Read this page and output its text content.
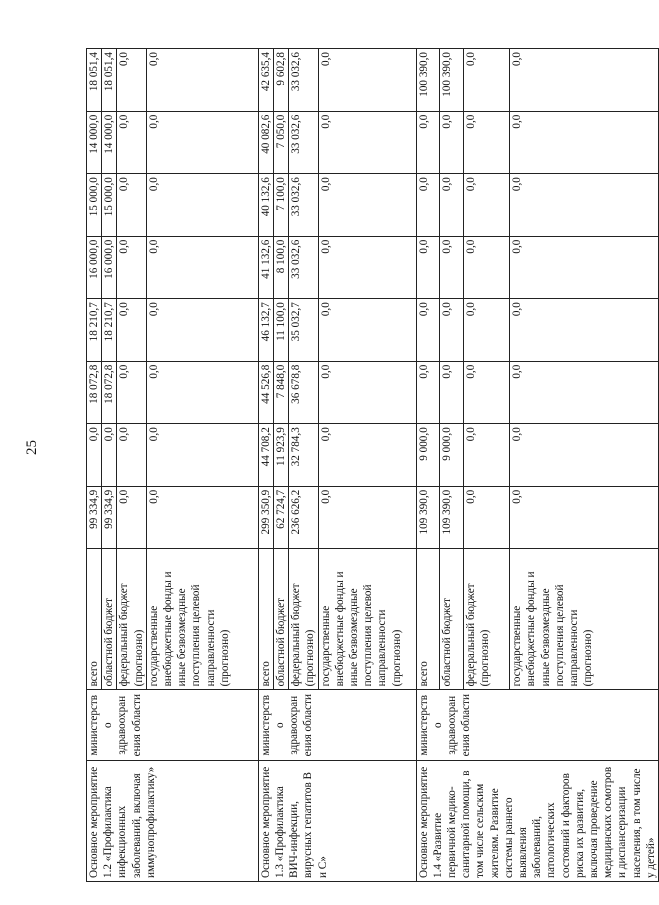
25
Основное мероприятие 1.2 «Профилактика инфекционных заболеваний, включая иммунопрофилактику»	министерство здравоохранения области	всего	99 334,9	0,0	18 072,8	18 210,7	16 000,0	15 000,0	14 000,0	18 051,4
		областной бюджет	99 334,9	0,0	18 072,8	18 210,7	16 000,0	15 000,0	14 000,0	18 051,4
		федеральный бюджет (прогнозно)	0,0	0,0	0,0	0,0	0,0	0,0	0,0	0,0
		государственные внебюджетные фонды и иные безвозмездные поступления целевой направленности (прогнозно)	0,0	0,0	0,0	0,0	0,0	0,0	0,0	0,0
Основное мероприятие 1.3 «Профилактика ВИЧ-инфекции, вирусных гепатитов В и С»	министерство здравоохранения области	всего	299 350,9	44 708,2	44 526,8	46 132,7	41 132,6	40 132,6	40 082,6	42 635,4
		областной бюджет	62 724,7	11 923,9	7 848,0	11 100,0	8 100,0	7 100,0	7 050,0	9 602,8
		федеральный бюджет (прогнозно)	236 626,2	32 784,3	36 678,8	35 032,7	33 032,6	33 032,6	33 032,6	33 032,6
		государственные внебюджетные фонды и иные безвозмездные поступления целевой направленности (прогнозно)	0,0	0,0	0,0	0,0	0,0	0,0	0,0	0,0
Основное мероприятие 1.4 «Развитие первичной медико-санитарной помощи, в том числе сельским жителям. Развитие системы раннего выявления заболеваний, патологических состояний и факторов риска их развития, включая проведение медицинских осмотров и диспансеризации населения, в том числе у детей»	министерство здравоохранения области	всего	109 390,0	9 000,0	0,0	0,0	0,0	0,0	0,0	100 390,0
		областной бюджет	109 390,0	9 000,0	0,0	0,0	0,0	0,0	0,0	100 390,0
		федеральный бюджет (прогнозно)	0,0	0,0	0,0	0,0	0,0	0,0	0,0	0,0
		государственные внебюджетные фонды и иные безвозмездные поступления целевой направленности (прогнозно)	0,0	0,0	0,0	0,0	0,0	0,0	0,0	0,0
